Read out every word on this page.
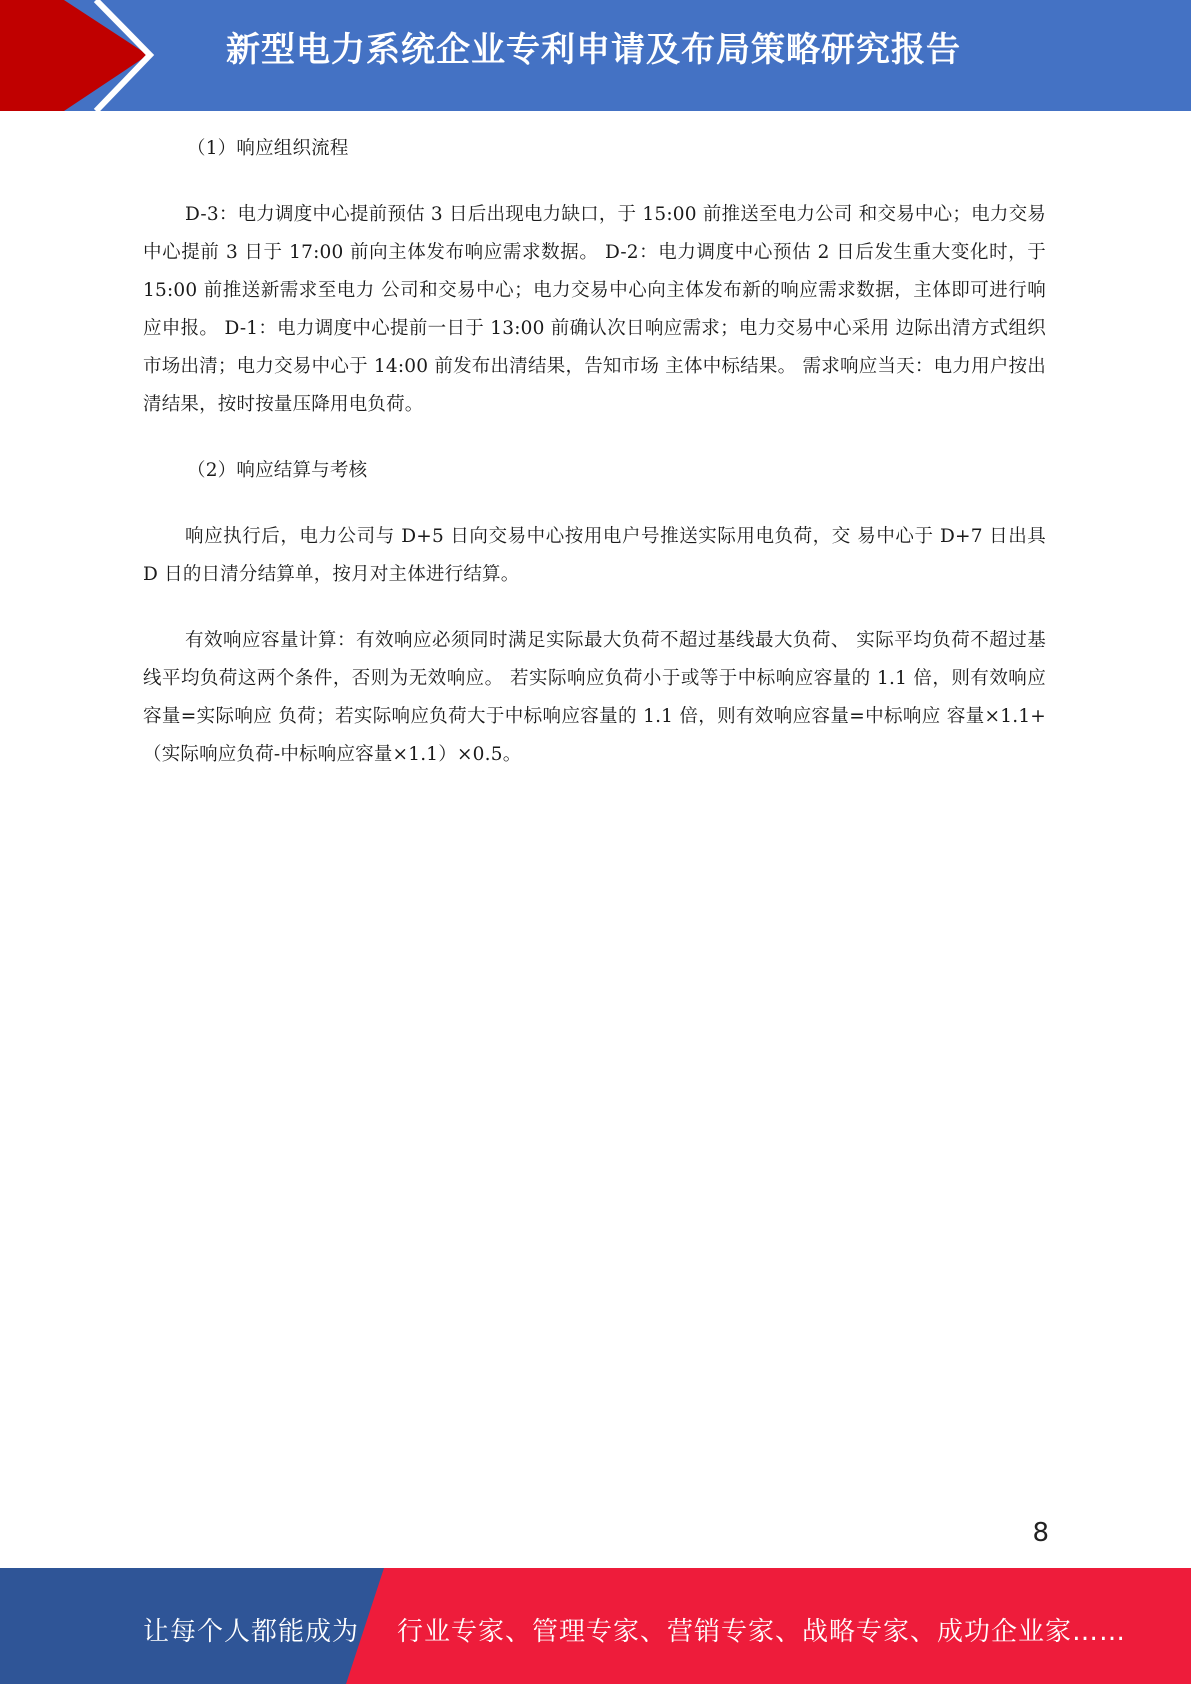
新型电力系统企业专利申请及布局策略研究报告

（1）响应组织流程

D-3：电力调度中心提前预估 3 日后出现电力缺口，于 15:00 前推送至电力公司 和交易中心；电力交易中心提前 3 日于 17:00 前向主体发布响应需求数据。 D-2：电力调度中心预估 2 日后发生重大变化时，于 15:00 前推送新需求至电力 公司和交易中心；电力交易中心向主体发布新的响应需求数据，主体即可进行响 应申报。 D-1：电力调度中心提前一日于 13:00 前确认次日响应需求；电力交易中心采用 边际出清方式组织市场出清；电力交易中心于 14:00 前发布出清结果，告知市场 主体中标结果。 需求响应当天：电力用户按出清结果，按时按量压降用电负荷。

（2）响应结算与考核

响应执行后，电力公司与 D+5 日向交易中心按用电户号推送实际用电负荷，交 易中心于 D+7 日出具 D 日的日清分结算单，按月对主体进行结算。

有效响应容量计算：有效响应必须同时满足实际最大负荷不超过基线最大负荷、 实际平均负荷不超过基线平均负荷这两个条件，否则为无效响应。 若实际响应负荷小于或等于中标响应容量的 1.1 倍，则有效响应容量=实际响应 负荷；若实际响应负荷大于中标响应容量的 1.1 倍，则有效响应容量=中标响应 容量×1.1+（实际响应负荷-中标响应容量×1.1）×0.5。

8
让每个人都能成为 行业专家、管理专家、营销专家、战略专家、成功企业家……
